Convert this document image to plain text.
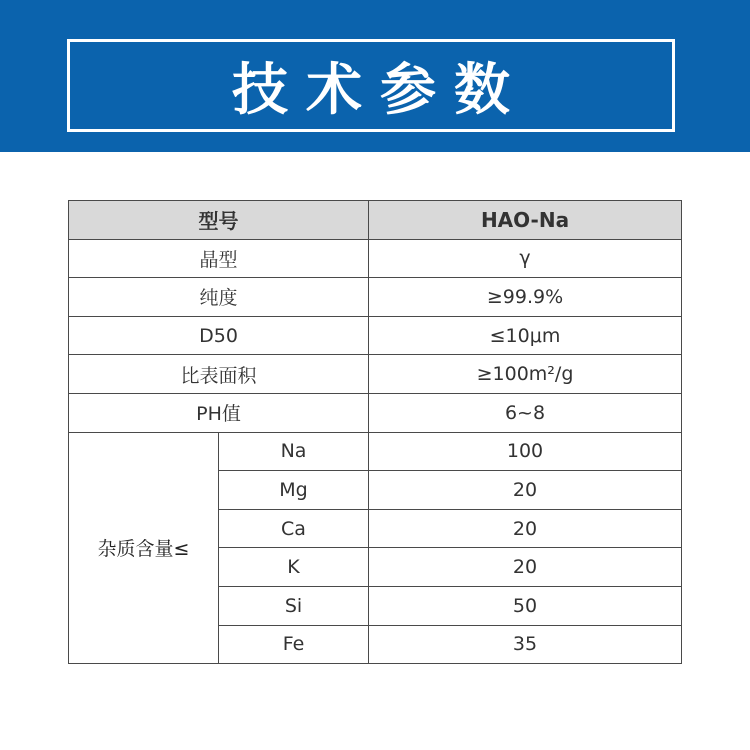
技术参数
型号		HAO-Na
晶型		γ
纯度		≥99.9%
D50		≤10μm
比表面积		≥100m²/g
PH值		6~8
杂质含量≤	Na	100
	Mg	20
	Ca	20
	K	20
	Si	50
	Fe	35
